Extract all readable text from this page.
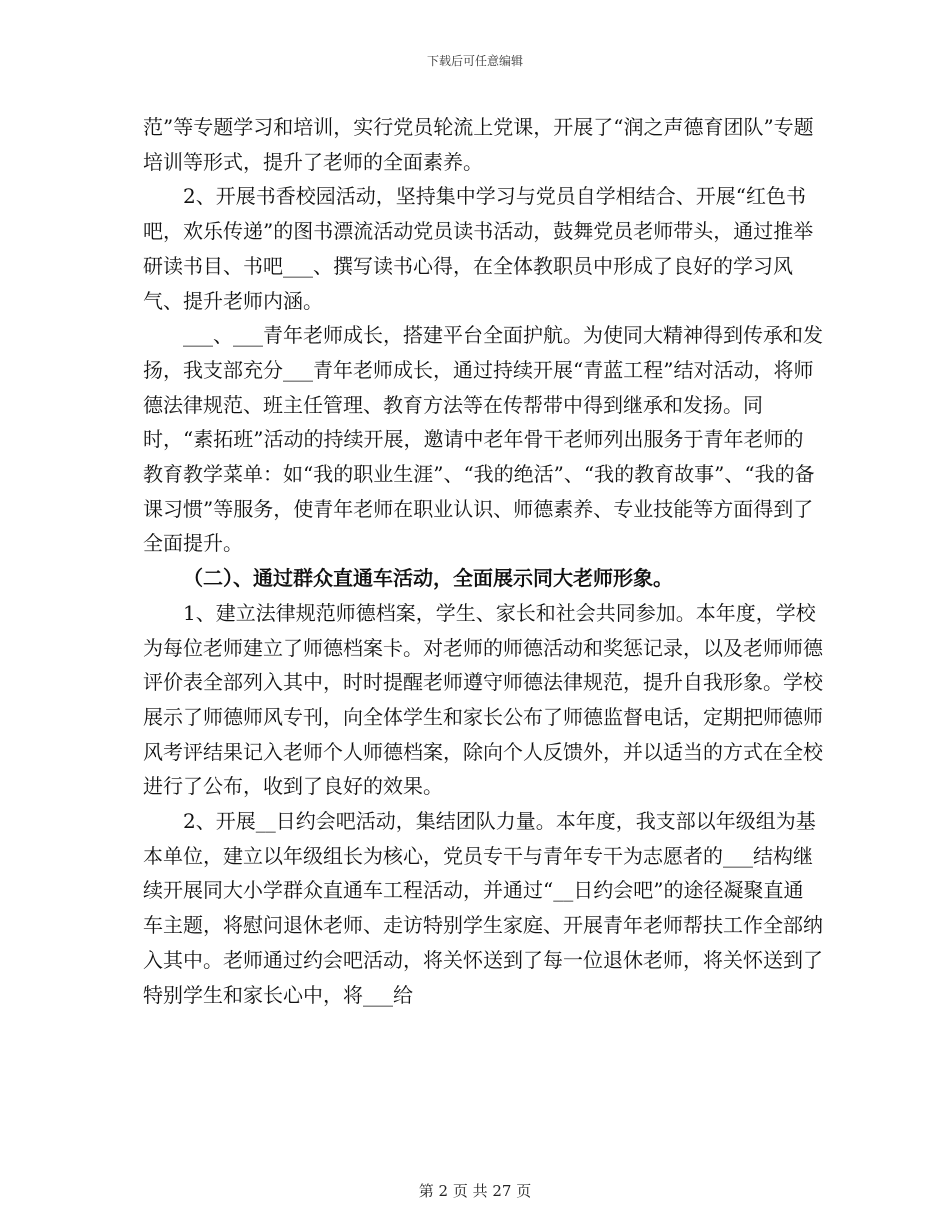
下载后可任意编辑

范”等专题学习和培训，实行党员轮流上党课，开展了“润之声德育团队”专题培训等形式，提升了老师的全面素养。

2、开展书香校园活动，坚持集中学习与党员自学相结合、开展“红色书吧，欢乐传递”的图书漂流活动党员读书活动，鼓舞党员老师带头，通过推举研读书目、书吧___、撰写读书心得，在全体教职员中形成了良好的学习风气、提升老师内涵。

___、___青年老师成长，搭建平台全面护航。为使同大精神得到传承和发扬，我支部充分___青年老师成长，通过持续开展“青蓝工程”结对活动，将师德法律规范、班主任管理、教育方法等在传帮带中得到继承和发扬。同时，“素拓班”活动的持续开展，邀请中老年骨干老师列出服务于青年老师的教育教学菜单：如“我的职业生涯”、“我的绝活”、“我的教育故事”、“我的备课习惯”等服务，使青年老师在职业认识、师德素养、专业技能等方面得到了全面提升。

（二）、通过群众直通车活动，全面展示同大老师形象。

1、建立法律规范师德档案，学生、家长和社会共同参加。本年度，学校为每位老师建立了师德档案卡。对老师的师德活动和奖惩记录，以及老师师德评价表全部列入其中，时时提醒老师遵守师德法律规范，提升自我形象。学校展示了师德师风专刊，向全体学生和家长公布了师德监督电话，定期把师德师风考评结果记入老师个人师德档案，除向个人反馈外，并以适当的方式在全校进行了公布，收到了良好的效果。

2、开展__日约会吧活动，集结团队力量。本年度，我支部以年级组为基本单位，建立以年级组长为核心，党员专干与青年专干为志愿者的___结构继续开展同大小学群众直通车工程活动，并通过“__日约会吧”的途径凝聚直通车主题，将慰问退休老师、走访特别学生家庭、开展青年老师帮扶工作全部纳入其中。老师通过约会吧活动，将关怀送到了每一位退休老师，将关怀送到了特别学生和家长心中，将___给

第 2 页 共 27 页
